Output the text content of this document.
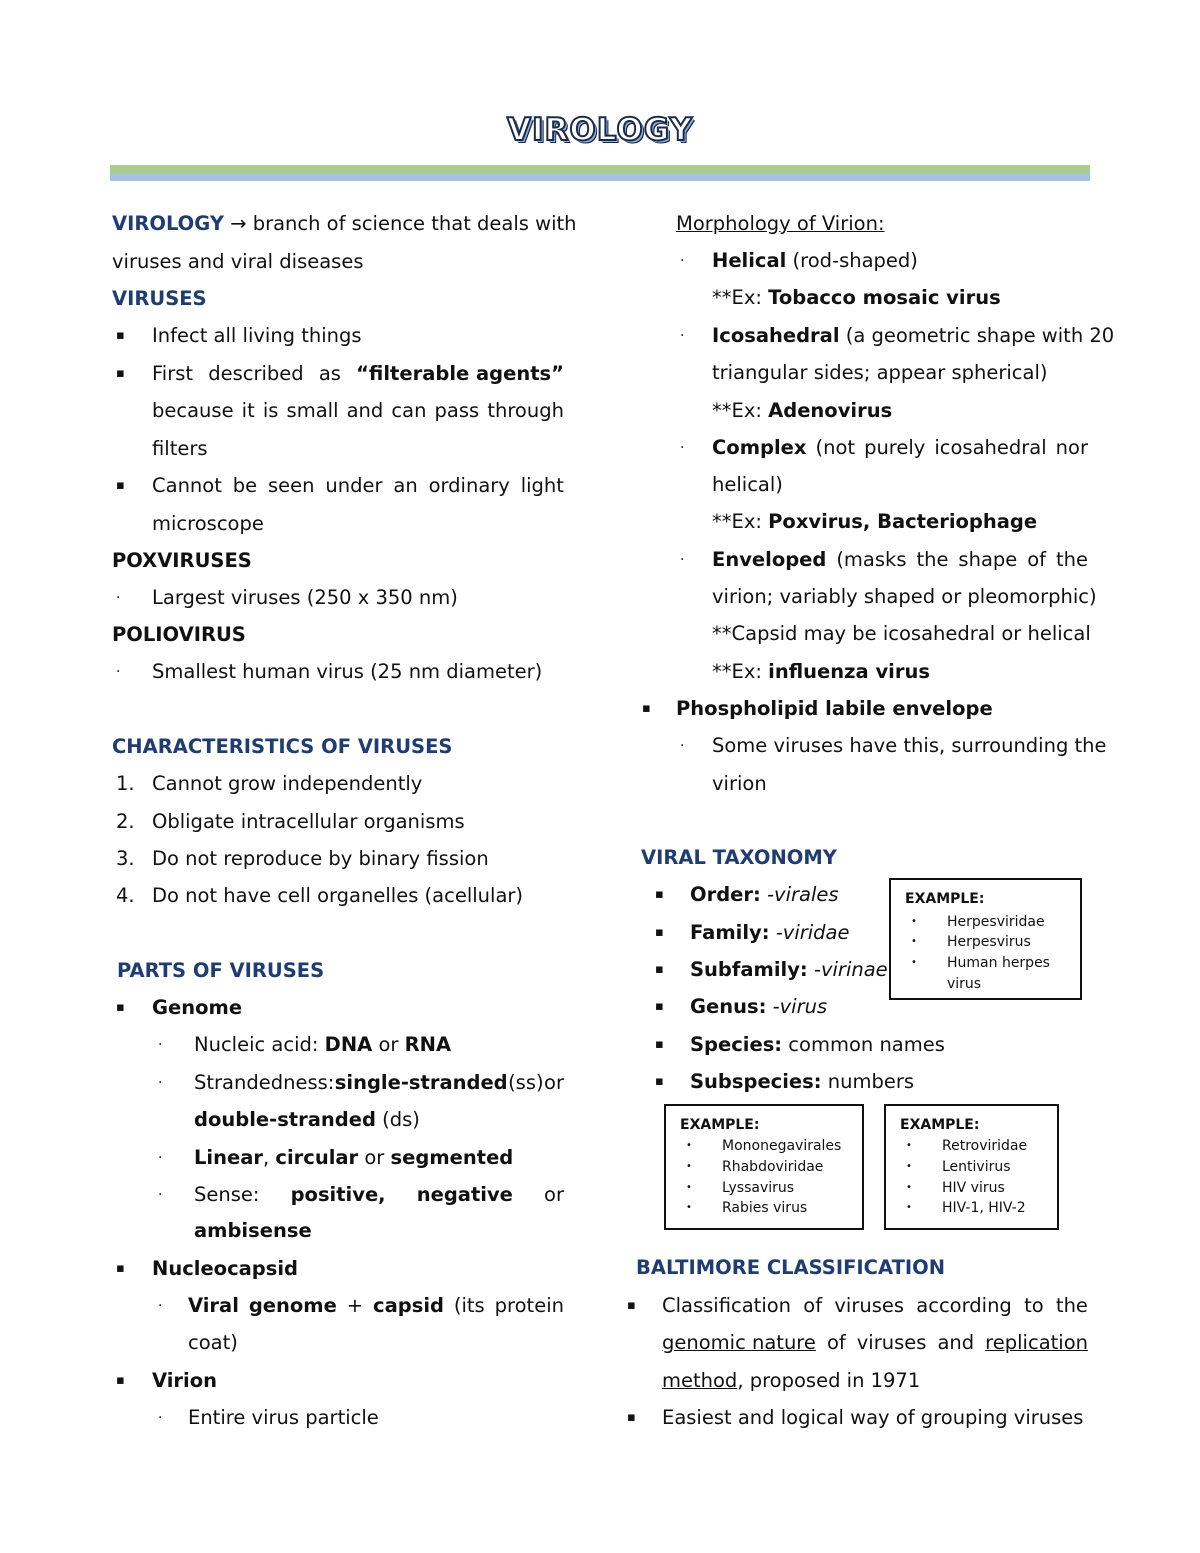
VIROLOGY
VIROLOGY → branch of science that deals with
viruses and viral diseases
VIRUSES
▪ Infect all living things
▪ First described as “filterable agents”
because it is small and can pass through
filters
▪ Cannot be seen under an ordinary light
microscope
POXVIRUSES
· Largest viruses (250 x 350 nm)
POLIOVIRUS
· Smallest human virus (25 nm diameter)
CHARACTERISTICS OF VIRUSES
1. Cannot grow independently
2. Obligate intracellular organisms
3. Do not reproduce by binary fission
4. Do not have cell organelles (acellular)
PARTS OF VIRUSES
▪ Genome
· Nucleic acid: DNA or RNA
· Strandedness: single-stranded (ss) or
double-stranded (ds)
· Linear, circular or segmented
· Sense: positive, negative or
ambisense
▪ Nucleocapsid
· Viral genome + capsid (its protein
coat)
▪ Virion
· Entire virus particle
Morphology of Virion:
· Helical (rod-shaped)
**Ex: Tobacco mosaic virus
· Icosahedral (a geometric shape with 20
triangular sides; appear spherical)
**Ex: Adenovirus
· Complex (not purely icosahedral nor
helical)
**Ex: Poxvirus, Bacteriophage
· Enveloped (masks the shape of the
virion; variably shaped or pleomorphic)
**Capsid may be icosahedral or helical
**Ex: influenza virus
▪ Phospholipid labile envelope
· Some viruses have this, surrounding the
virion
VIRAL TAXONOMY
▪ Order: -virales
▪ Family: -viridae
▪ Subfamily: -virinae
▪ Genus: -virus
▪ Species: common names
▪ Subspecies: numbers
EXAMPLE:
• Herpesviridae
• Herpesvirus
• Human herpes
virus
EXAMPLE:
• Mononegavirales
• Rhabdoviridae
• Lyssavirus
• Rabies virus
EXAMPLE:
• Retroviridae
• Lentivirus
• HIV virus
• HIV-1, HIV-2
BALTIMORE CLASSIFICATION
▪ Classification of viruses according to the
genomic nature of viruses and replication
method, proposed in 1971
▪ Easiest and logical way of grouping viruses
